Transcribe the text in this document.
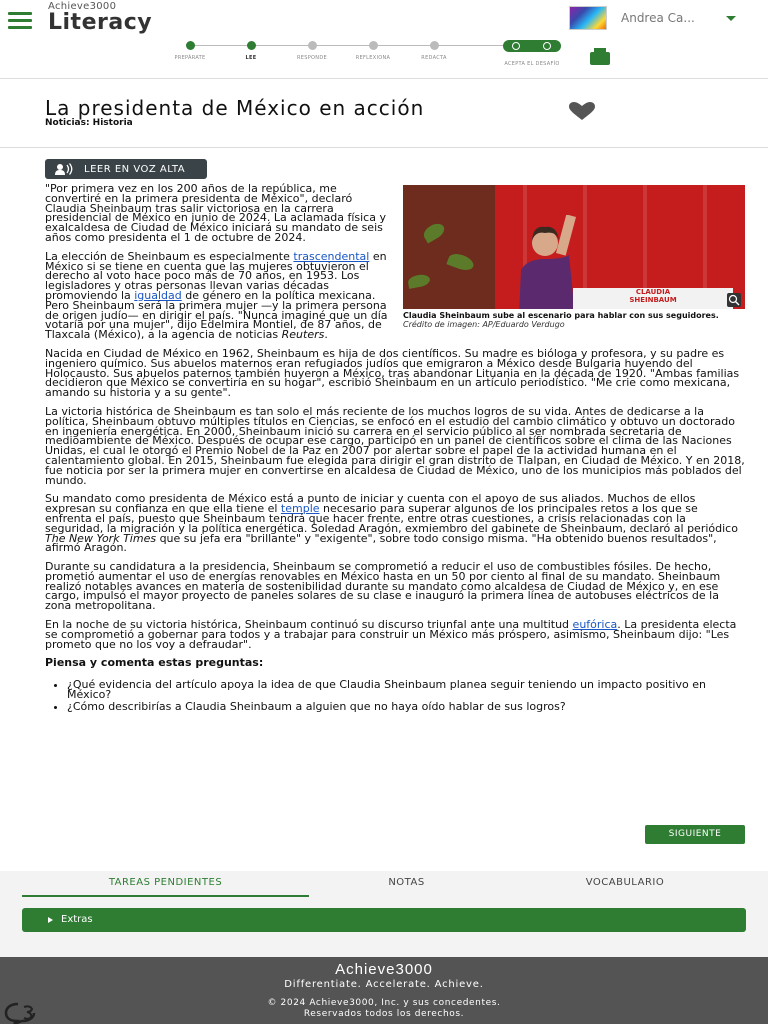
Achieve3000
Literacy	Andrea Ca...
PREPÁRATE	LEE	RESPONDE	REFLEXIONA	REDACTA
ACEPTA EL DESAFÍO
La presidenta de México en acción
Noticias: Historia
LEER EN VOZ ALTA
CLAUDIA
SHEINBAUM
Claudia Sheinbaum sube al escenario para hablar con sus seguidores. Crédito de imagen: AP/Eduardo Verdugo

"Por primera vez en los 200 años de la república, me convertiré en la primera presidenta de México", declaró Claudia Sheinbaum tras salir victoriosa en la carrera presidencial de México en junio de 2024. La aclamada física y exalcaldesa de Ciudad de México iniciará su mandato de seis años como presidenta el 1 de octubre de 2024.

La elección de Sheinbaum es especialmente trascendental en México si se tiene en cuenta que las mujeres obtuvieron el derecho al voto hace poco más de 70 años, en 1953. Los legisladores y otras personas llevan varias décadas promoviendo la igualdad de género en la política mexicana. Pero Sheinbaum será la primera mujer —y la primera persona de origen judío— en dirigir el país. "Nunca imaginé que un día votaría por una mujer", dijo Edelmira Montiel, de 87 años, de Tlaxcala (México), a la agencia de noticias Reuters.

Nacida en Ciudad de México en 1962, Sheinbaum es hija de dos científicos. Su madre es bióloga y profesora, y su padre es ingeniero químico. Sus abuelos maternos eran refugiados judíos que emigraron a México desde Bulgaria huyendo del Holocausto. Sus abuelos paternos también huyeron a México, tras abandonar Lituania en la década de 1920. "Ambas familias decidieron que México se convertiría en su hogar", escribió Sheinbaum en un artículo periodístico. "Me crie como mexicana, amando su historia y a su gente".

La victoria histórica de Sheinbaum es tan solo el más reciente de los muchos logros de su vida. Antes de dedicarse a la política, Sheinbaum obtuvo múltiples títulos en Ciencias, se enfocó en el estudio del cambio climático y obtuvo un doctorado en ingeniería energética. En 2000, Sheinbaum inició su carrera en el servicio público al ser nombrada secretaria de medioambiente de México. Después de ocupar ese cargo, participó en un panel de científicos sobre el clima de las Naciones Unidas, el cual le otorgó el Premio Nobel de la Paz en 2007 por alertar sobre el papel de la actividad humana en el calentamiento global. En 2015, Sheinbaum fue elegida para dirigir el gran distrito de Tlalpan, en Ciudad de México. Y en 2018, fue noticia por ser la primera mujer en convertirse en alcaldesa de Ciudad de México, uno de los municipios más poblados del mundo.

Su mandato como presidenta de México está a punto de iniciar y cuenta con el apoyo de sus aliados. Muchos de ellos expresan su confianza en que ella tiene el temple necesario para superar algunos de los principales retos a los que se enfrenta el país, puesto que Sheinbaum tendrá que hacer frente, entre otras cuestiones, a crisis relacionadas con la seguridad, la migración y la política energética. Soledad Aragón, exmiembro del gabinete de Sheinbaum, declaró al periódico The New York Times que su jefa era "brillante" y "exigente", sobre todo consigo misma. "Ha obtenido buenos resultados", afirmó Aragón.

Durante su candidatura a la presidencia, Sheinbaum se comprometió a reducir el uso de combustibles fósiles. De hecho, prometió aumentar el uso de energías renovables en México hasta en un 50 por ciento al final de su mandato. Sheinbaum realizó notables avances en materia de sostenibilidad durante su mandato como alcaldesa de Ciudad de México y, en ese cargo, impulsó el mayor proyecto de paneles solares de su clase e inauguró la primera línea de autobuses eléctricos de la zona metropolitana.

En la noche de su victoria histórica, Sheinbaum continuó su discurso triunfal ante una multitud eufórica. La presidenta electa se comprometió a gobernar para todos y a trabajar para construir un México más próspero, asimismo, Sheinbaum dijo: "Les prometo que no los voy a defraudar".

Piensa y comenta estas preguntas:
• ¿Qué evidencia del artículo apoya la idea de que Claudia Sheinbaum planea seguir teniendo un impacto positivo en México?
• ¿Cómo describirías a Claudia Sheinbaum a alguien que no haya oído hablar de sus logros?
SIGUIENTE
TAREAS PENDIENTES	NOTAS	VOCABULARIO
Extras
Achieve3000
Differentiate. Accelerate. Achieve.
© 2024 Achieve3000, Inc. y sus concedentes.
Reservados todos los derechos.
